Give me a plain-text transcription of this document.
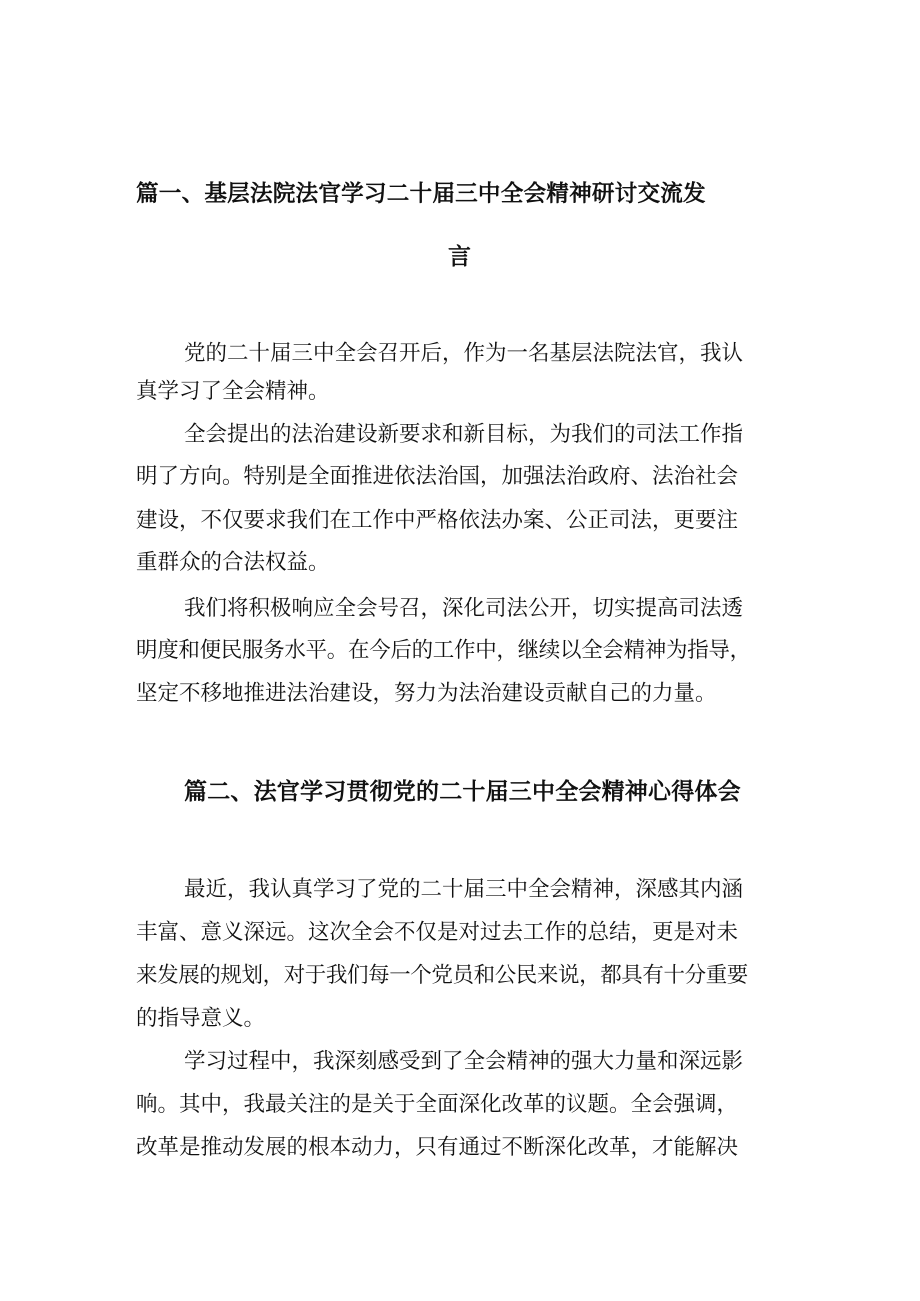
篇一、基层法院法官学习二十届三中全会精神研讨交流发
言
党的二十届三中全会召开后，作为一名基层法院法官，我认
真学习了全会精神。
全会提出的法治建设新要求和新目标，为我们的司法工作指
明了方向。特别是全面推进依法治国，加强法治政府、法治社会
建设，不仅要求我们在工作中严格依法办案、公正司法，更要注
重群众的合法权益。
我们将积极响应全会号召，深化司法公开，切实提高司法透
明度和便民服务水平。在今后的工作中，继续以全会精神为指导，
坚定不移地推进法治建设，努力为法治建设贡献自己的力量。
篇二、法官学习贯彻党的二十届三中全会精神心得体会
最近，我认真学习了党的二十届三中全会精神，深感其内涵
丰富、意义深远。这次全会不仅是对过去工作的总结，更是对未
来发展的规划，对于我们每一个党员和公民来说，都具有十分重要
的指导意义。
学习过程中，我深刻感受到了全会精神的强大力量和深远影
响。其中，我最关注的是关于全面深化改革的议题。全会强调，
改革是推动发展的根本动力，只有通过不断深化改革，才能解决
